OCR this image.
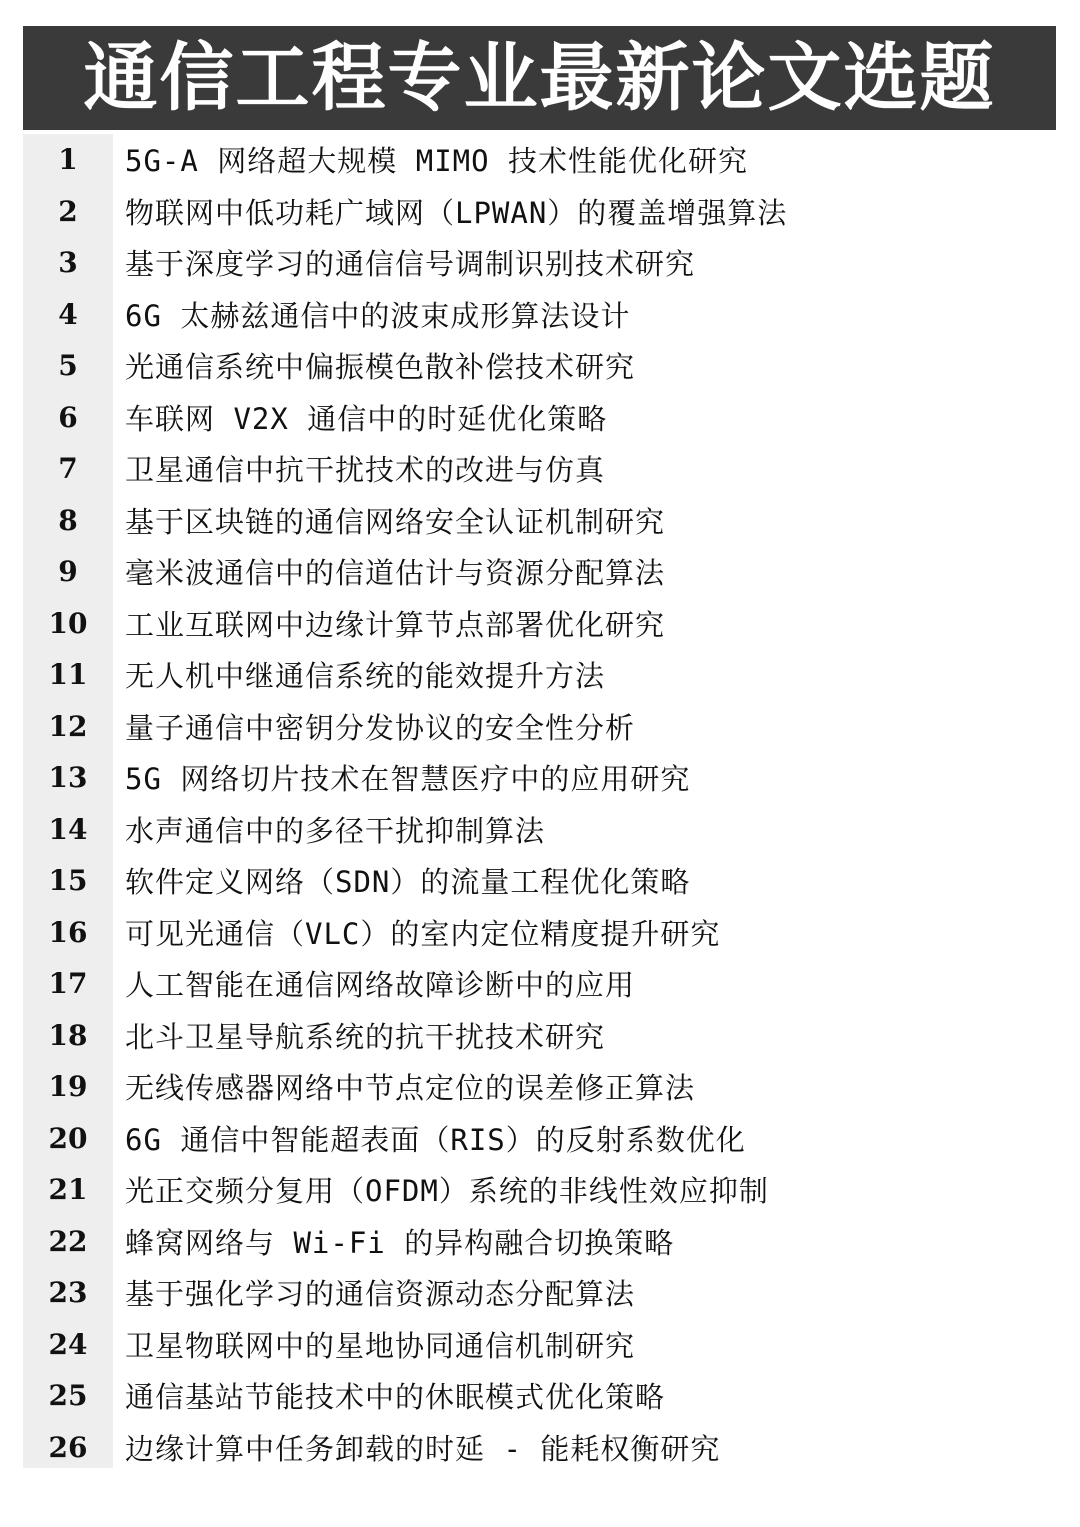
通信工程专业最新论文选题
1	5G-A 网络超大规模 MIMO 技术性能优化研究
2	物联网中低功耗广域网（LPWAN）的覆盖增强算法
3	基于深度学习的通信信号调制识别技术研究
4	6G 太赫兹通信中的波束成形算法设计
5	光通信系统中偏振模色散补偿技术研究
6	车联网 V2X 通信中的时延优化策略
7	卫星通信中抗干扰技术的改进与仿真
8	基于区块链的通信网络安全认证机制研究
9	毫米波通信中的信道估计与资源分配算法
10	工业互联网中边缘计算节点部署优化研究
11	无人机中继通信系统的能效提升方法
12	量子通信中密钥分发协议的安全性分析
13	5G 网络切片技术在智慧医疗中的应用研究
14	水声通信中的多径干扰抑制算法
15	软件定义网络（SDN）的流量工程优化策略
16	可见光通信（VLC）的室内定位精度提升研究
17	人工智能在通信网络故障诊断中的应用
18	北斗卫星导航系统的抗干扰技术研究
19	无线传感器网络中节点定位的误差修正算法
20	6G 通信中智能超表面（RIS）的反射系数优化
21	光正交频分复用（OFDM）系统的非线性效应抑制
22	蜂窝网络与 Wi-Fi 的异构融合切换策略
23	基于强化学习的通信资源动态分配算法
24	卫星物联网中的星地协同通信机制研究
25	通信基站节能技术中的休眠模式优化策略
26	边缘计算中任务卸载的时延 - 能耗权衡研究
